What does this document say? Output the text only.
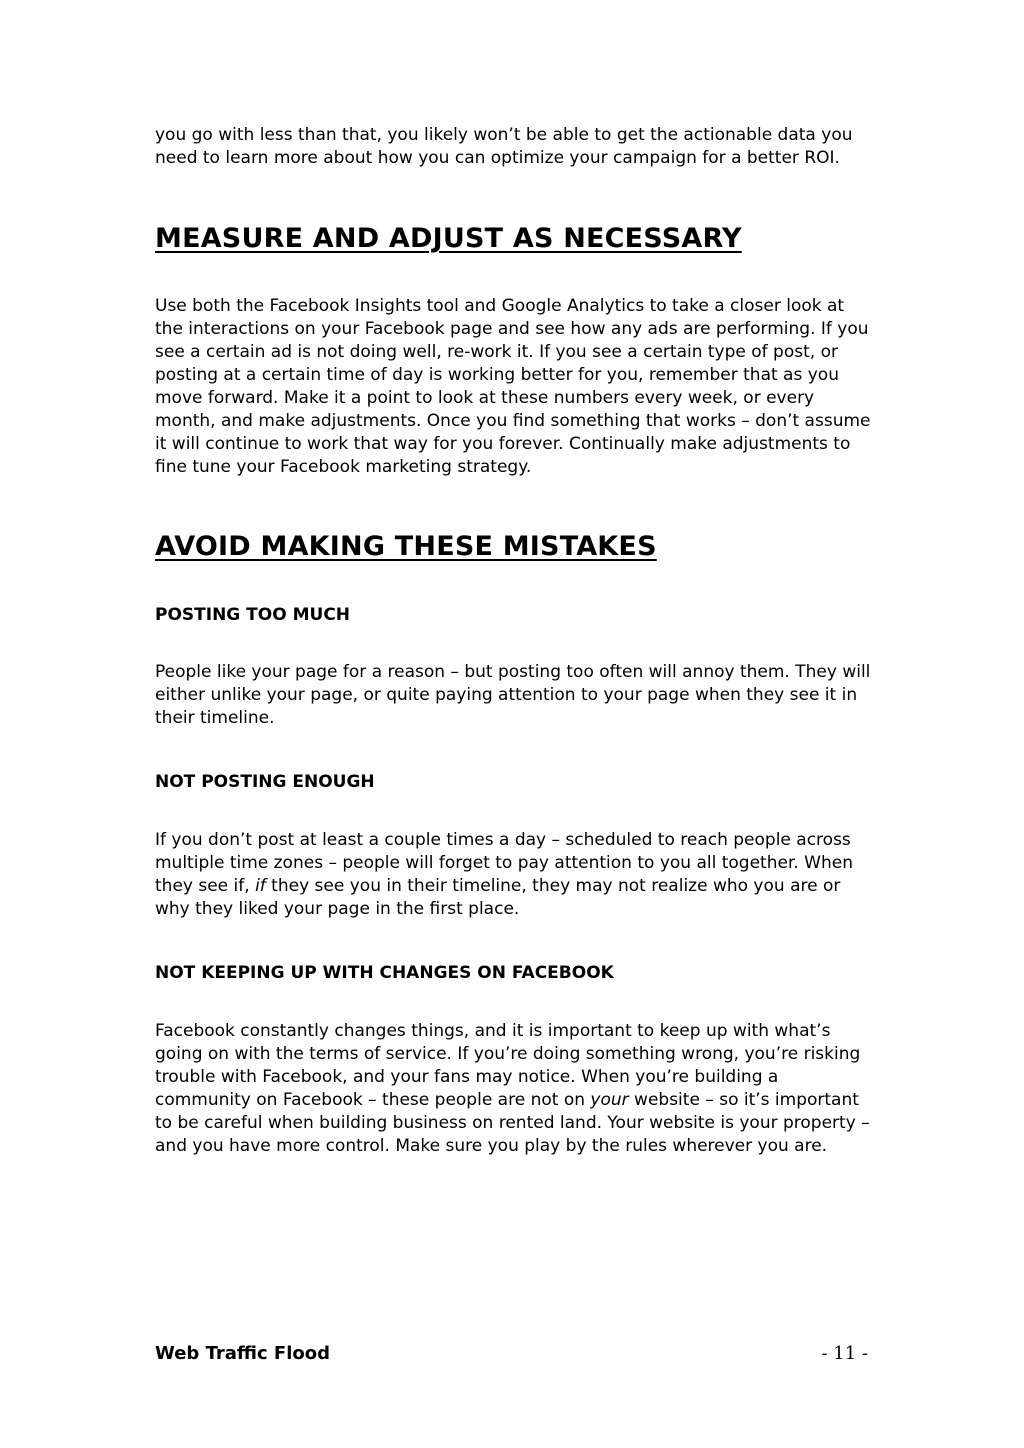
you go with less than that, you likely won’t be able to get the actionable data you need to learn more about how you can optimize your campaign for a better ROI.

MEASURE AND ADJUST AS NECESSARY

Use both the Facebook Insights tool and Google Analytics to take a closer look at the interactions on your Facebook page and see how any ads are performing. If you see a certain ad is not doing well, re-work it. If you see a certain type of post, or posting at a certain time of day is working better for you, remember that as you move forward. Make it a point to look at these numbers every week, or every month, and make adjustments. Once you find something that works – don’t assume it will continue to work that way for you forever. Continually make adjustments to fine tune your Facebook marketing strategy.

AVOID MAKING THESE MISTAKES
POSTING TOO MUCH

People like your page for a reason – but posting too often will annoy them. They will either unlike your page, or quite paying attention to your page when they see it in their timeline.

NOT POSTING ENOUGH

If you don’t post at least a couple times a day – scheduled to reach people across multiple time zones – people will forget to pay attention to you all together. When they see if, if they see you in their timeline, they may not realize who you are or why they liked your page in the first place.

NOT KEEPING UP WITH CHANGES ON FACEBOOK

Facebook constantly changes things, and it is important to keep up with what’s going on with the terms of service. If you’re doing something wrong, you’re risking trouble with Facebook, and your fans may notice. When you’re building a community on Facebook – these people are not on your website – so it’s important to be careful when building business on rented land. Your website is your property – and you have more control. Make sure you play by the rules wherever you are.

Web Traffic Flood	- 11 -
